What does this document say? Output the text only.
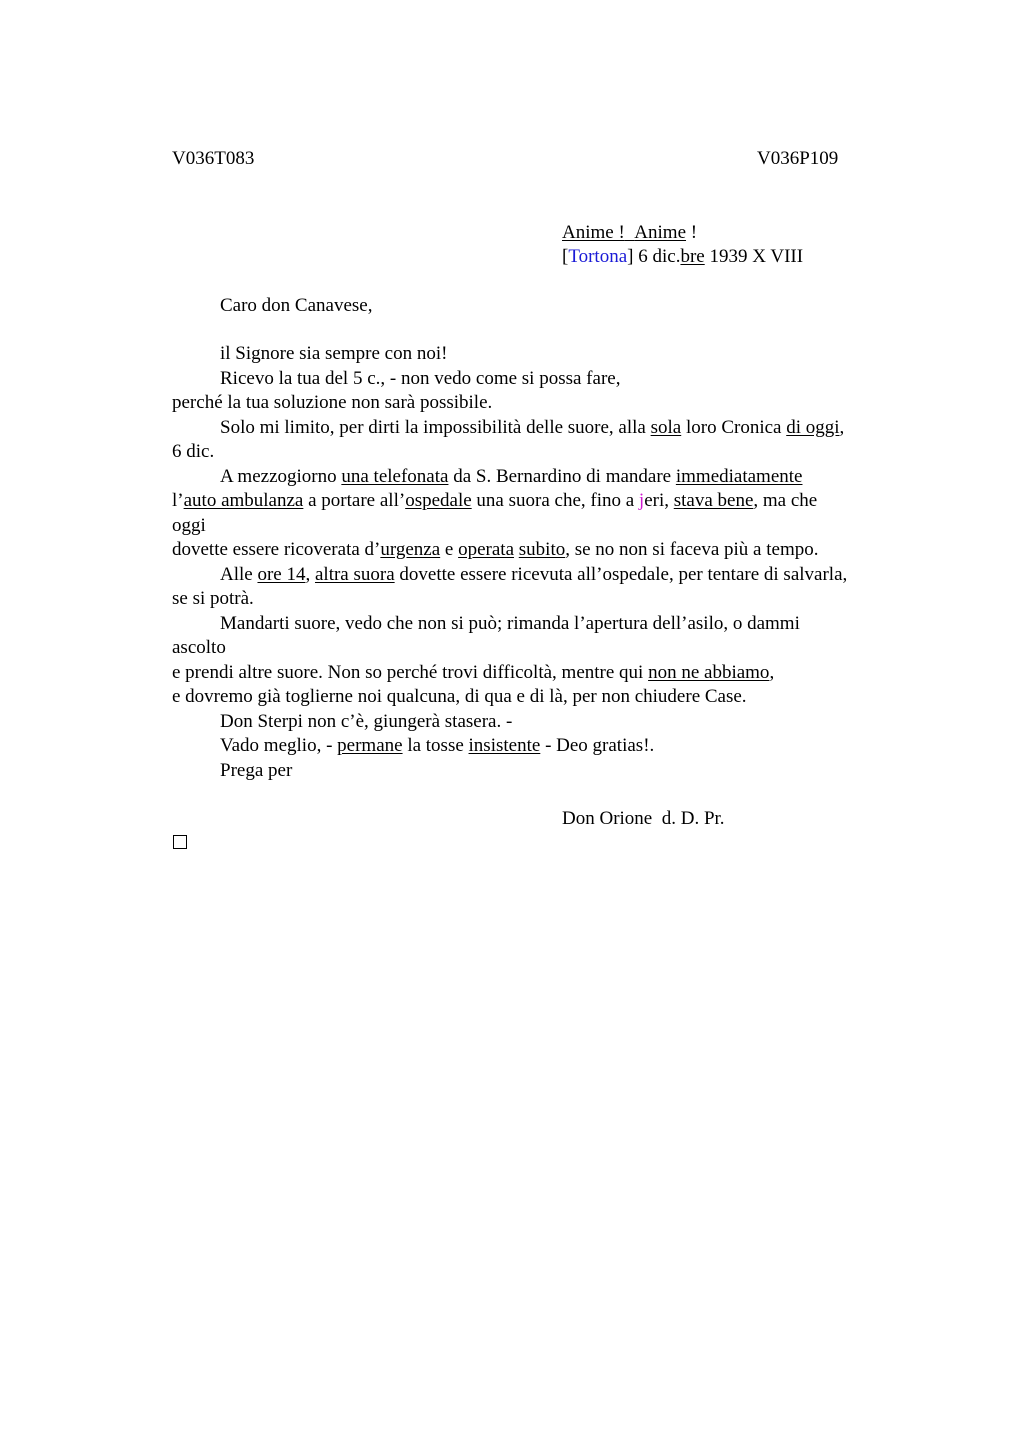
V036T083	V036P109
Anime ! Anime !
[Tortona] 6 dic.bre 1939 X VIII
Caro don Canavese,
il Signore sia sempre con noi!
Ricevo la tua del 5 c., - non vedo come si possa fare,
perché la tua soluzione non sarà possibile.
Solo mi limito, per dirti la impossibilità delle suore, alla sola loro Cronica di oggi,
6 dic.
A mezzogiorno una telefonata da S. Bernardino di mandare immediatamente
l’auto ambulanza a portare all’ospedale una suora che, fino a jeri, stava bene, ma che
oggi
dovette essere ricoverata d’urgenza e operata subito, se no non si faceva più a tempo.
Alle ore 14, altra suora dovette essere ricevuta all’ospedale, per tentare di salvarla,
se si potrà.
Mandarti suore, vedo che non si può; rimanda l’apertura dell’asilo, o dammi
ascolto
e prendi altre suore. Non so perché trovi difficoltà, mentre qui non ne abbiamo,
e dovremo già toglierne noi qualcuna, di qua e di là, per non chiudere Case.
Don Sterpi non c’è, giungerà stasera. -
Vado meglio, - permane la tosse insistente - Deo gratias!.
Prega per
Don Orione  d. D. Pr.
